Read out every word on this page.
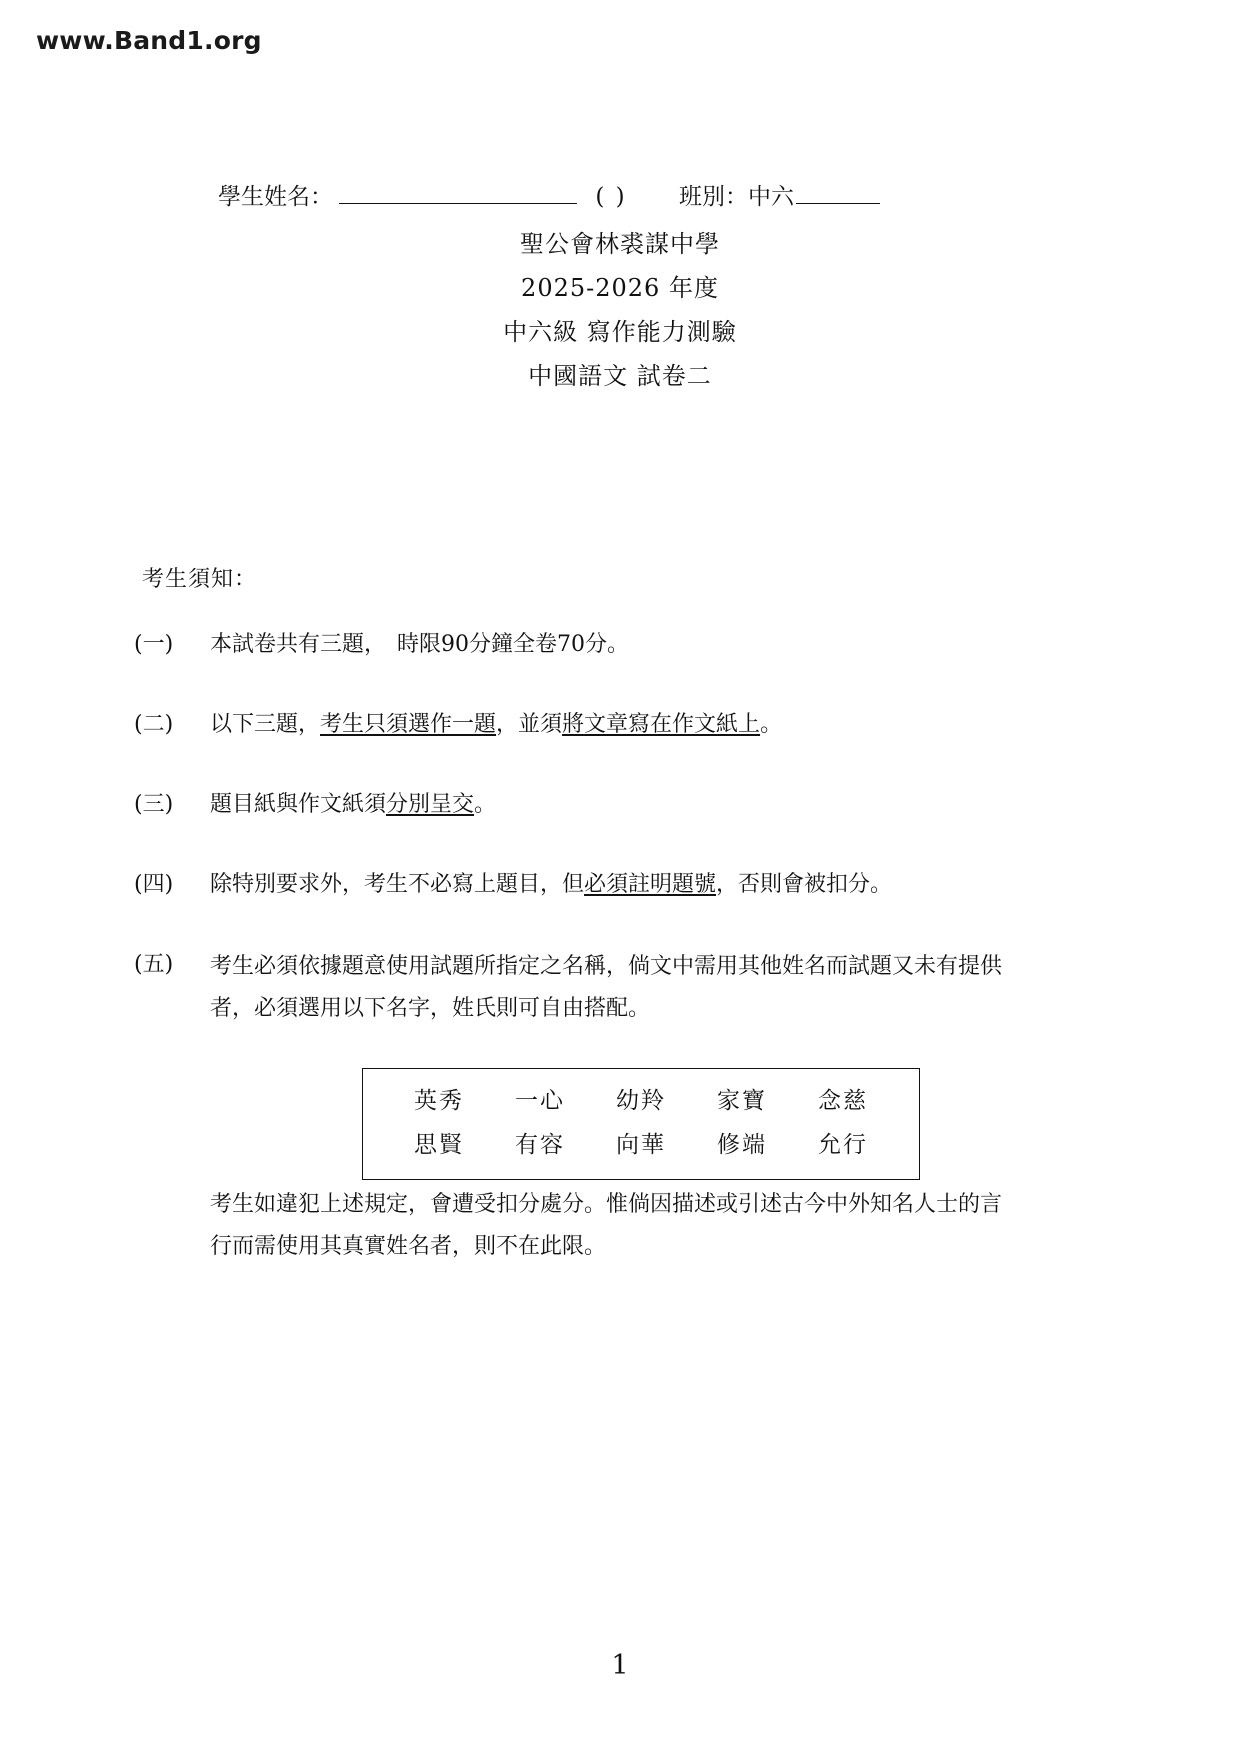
www.Band1.org
學生姓名：	( )	班別：中六
聖公會林裘謀中學
2025-2026 年度
中六級 寫作能力測驗
中國語文 試卷二
考生須知：
(一)	本試卷共有三題，　時限90分鐘全卷70分。
(二)	以下三題，考生只須選作一題，並須將文章寫在作文紙上。
(三)	題目紙與作文紙須分別呈交。
(四)	除特別要求外，考生不必寫上題目，但必須註明題號，否則會被扣分。
(五)	考生必須依據題意使用試題所指定之名稱，倘文中需用其他姓名而試題又未有提供
者，必須選用以下名字，姓氏則可自由搭配。
英秀	一心	幼羚	家寶	念慈
思賢	有容	向華	修端	允行
考生如違犯上述規定，會遭受扣分處分。惟倘因描述或引述古今中外知名人士的言
行而需使用其真實姓名者，則不在此限。
1
